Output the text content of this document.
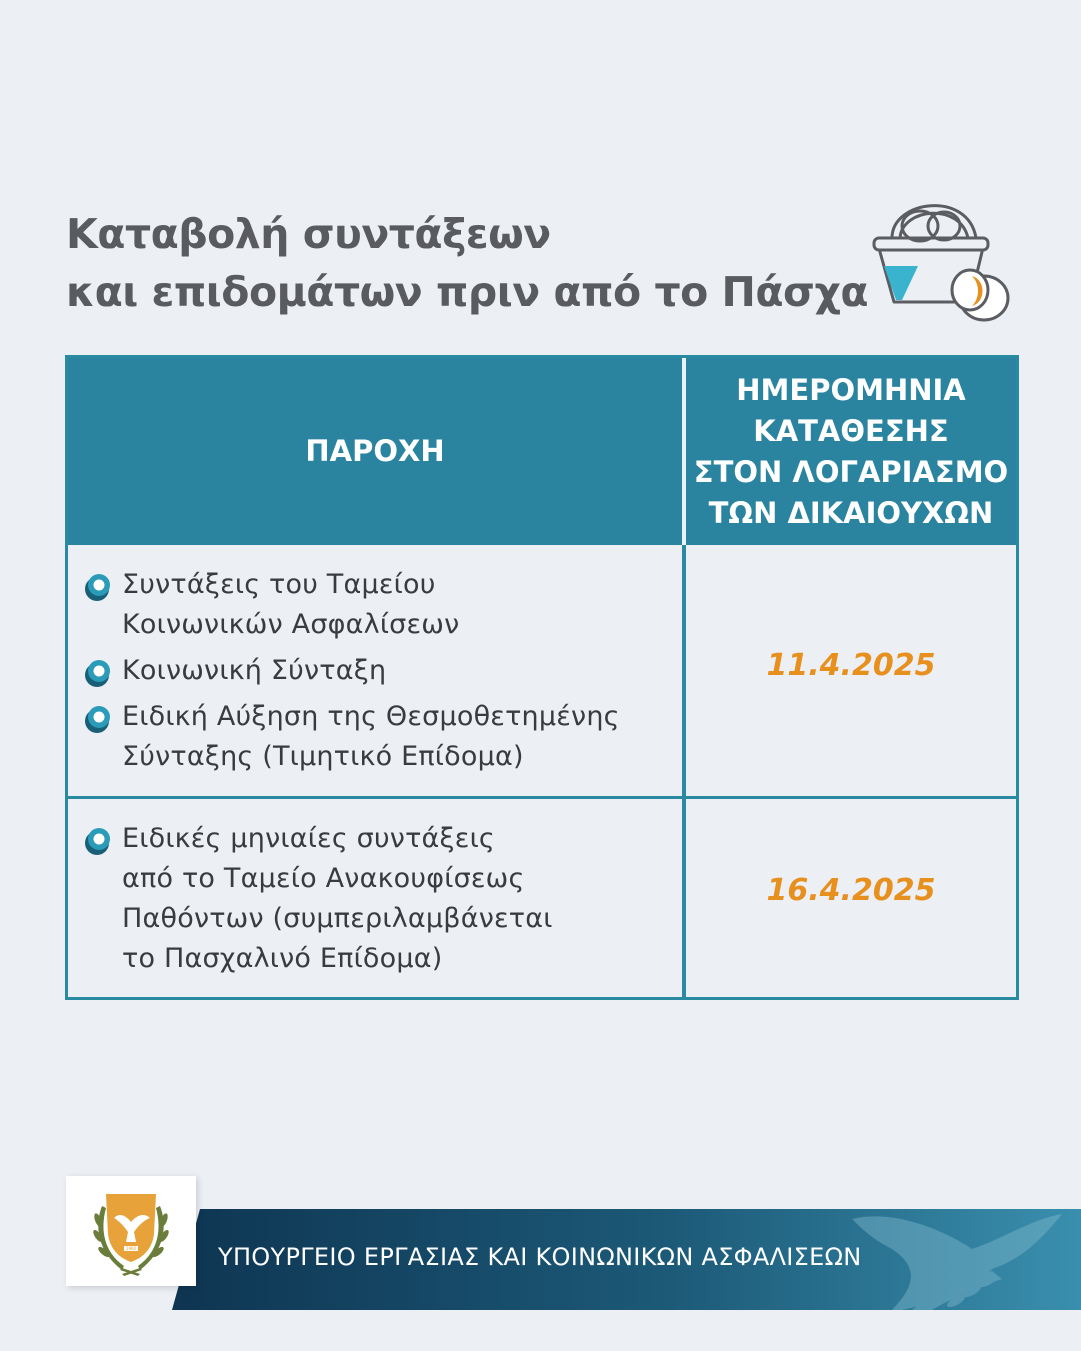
Καταβολή συντάξεων
και επιδομάτων πριν από το Πάσχα
ΠΑΡΟΧΗ
ΗΜΕΡΟΜΗΝΙΑ
ΚΑΤΑΘΕΣΗΣ
ΣΤΟΝ ΛΟΓΑΡΙΑΣΜΟ
ΤΩΝ ΔΙΚΑΙΟΥΧΩΝ
Συντάξεις του Ταμείου
Κοινωνικών Ασφαλίσεων
Κοινωνική Σύνταξη
Ειδική Αύξηση της Θεσμοθετημένης
Σύνταξης (Τιμητικό Επίδομα)
11.4.2025
Ειδικές μηνιαίες συντάξεις
από το Ταμείο Ανακουφίσεως
Παθόντων (συμπεριλαμβάνεται
το Πασχαλινό Επίδομα)
16.4.2025
ΥΠΟΥΡΓΕΙΟ ΕΡΓΑΣΙΑΣ ΚΑΙ ΚΟΙΝΩΝΙΚΩΝ ΑΣΦΑΛΙΣΕΩΝ
1960
